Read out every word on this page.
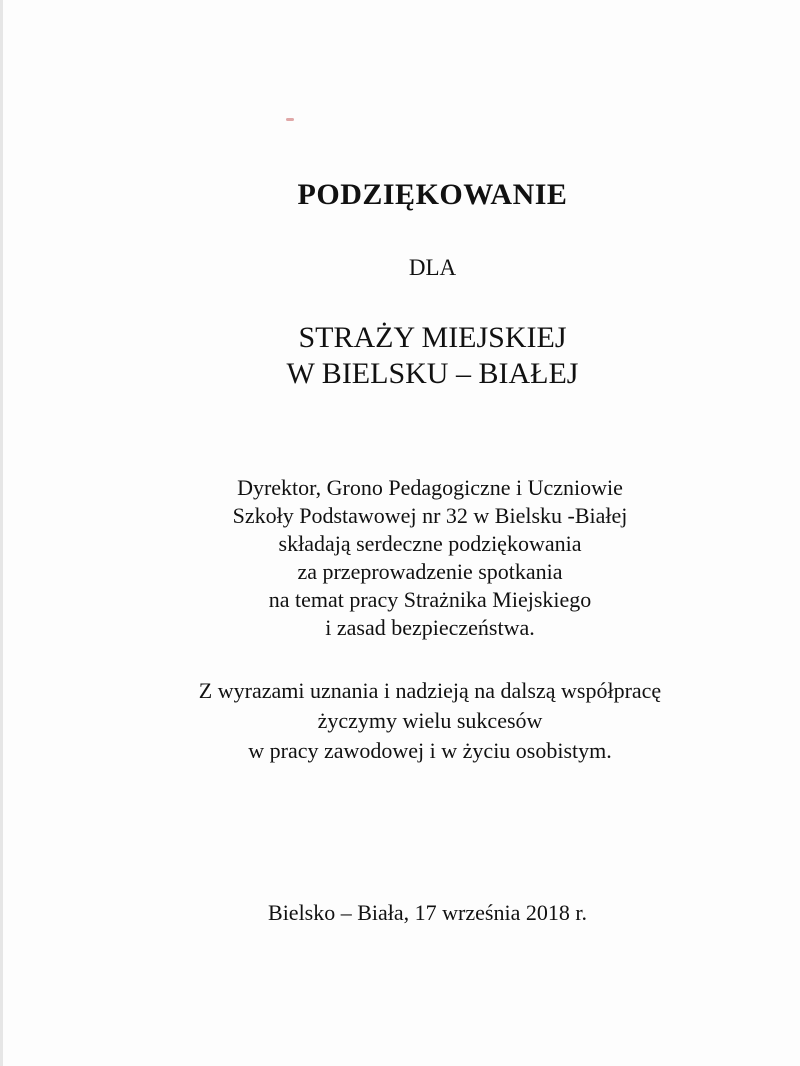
PODZIĘKOWANIE
DLA
STRAŻY MIEJSKIEJ
W BIELSKU – BIAŁEJ
Dyrektor, Grono Pedagogiczne i Uczniowie
Szkoły Podstawowej nr 32 w Bielsku -Białej
składają serdeczne podziękowania
za przeprowadzenie spotkania
na temat pracy Strażnika Miejskiego
i zasad bezpieczeństwa.
Z wyrazami uznania i nadzieją na dalszą współpracę
życzymy wielu sukcesów
w pracy zawodowej i w życiu osobistym.
Bielsko – Biała, 17 września 2018 r.
